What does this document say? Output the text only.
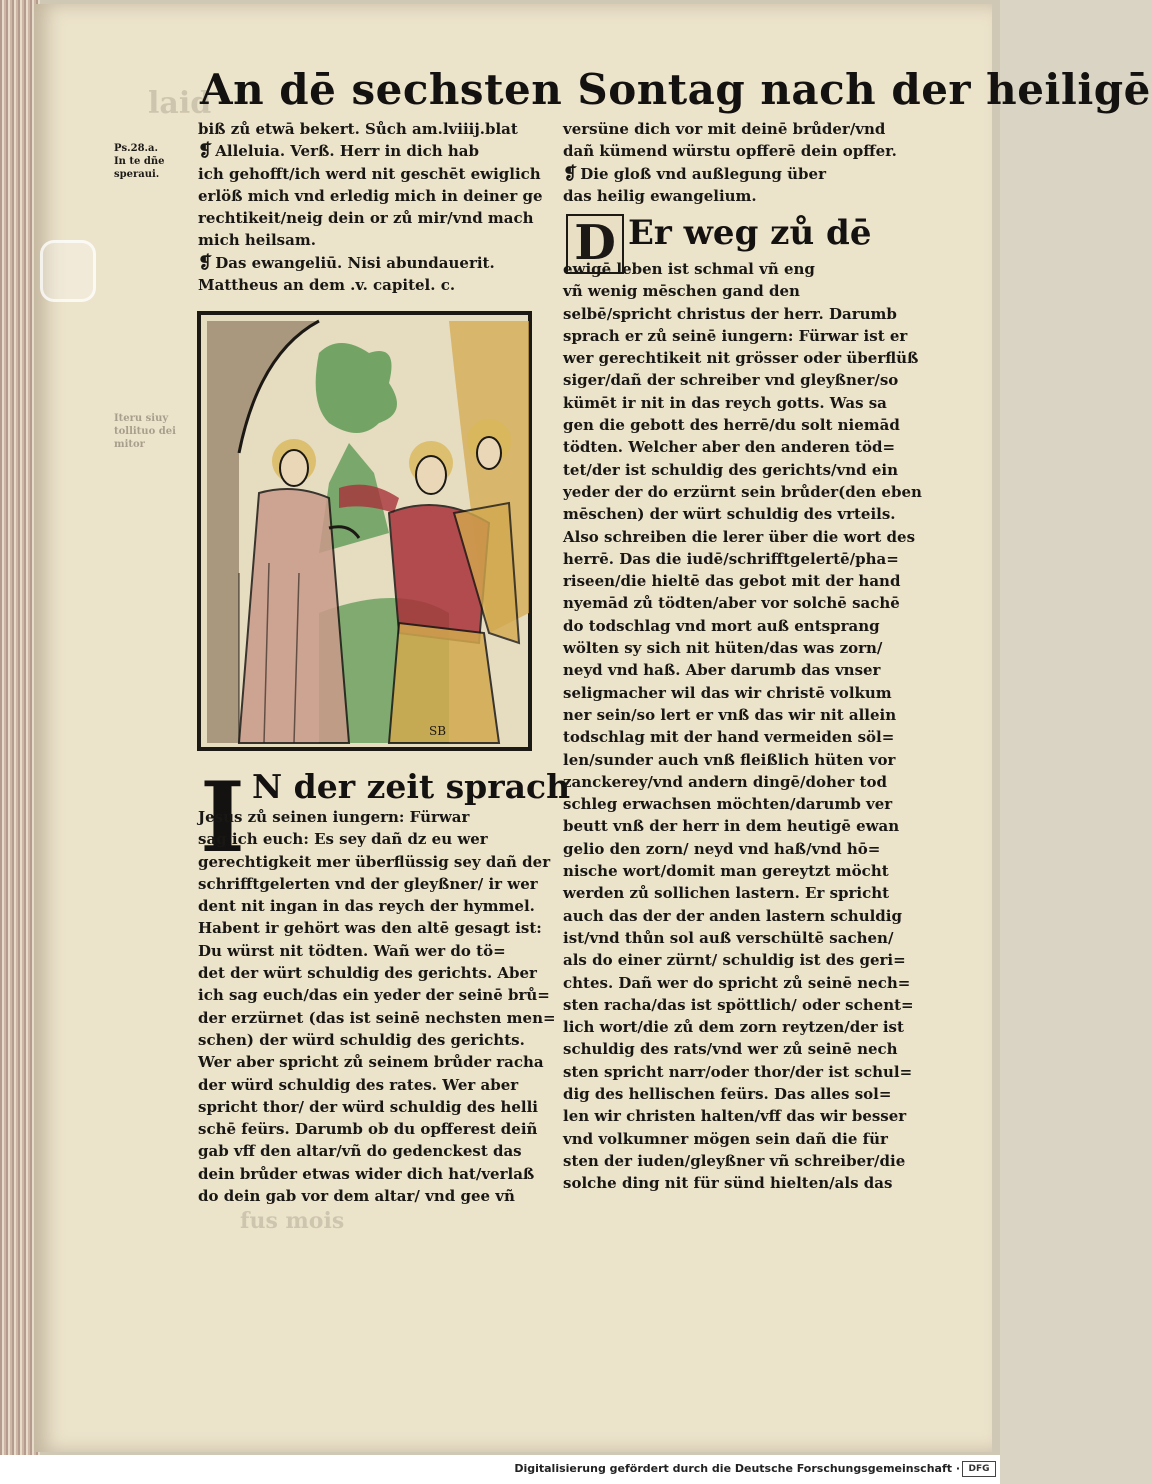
laid
fus mois
An dē sechsten Sontag nach der heiligē
Ps.28.a.
In te dñe
speraui.
Iteru siuy
tollituo dei
mitor
biß zů etwā bekert. Sůch am.lviiij.blat
❡ Alleluia. Verß. Herr in dich hab
ich gehofft/ich werd nit geschēt ewiglich
erlöß mich vnd erledig mich in deiner ge
rechtikeit/neig dein or zů mir/vnd mach
mich heilsam.
❡ Das ewangeliū. Nisi abundauerit.
Mattheus an dem .v. capitel. c.
SB
I N der zeit sprach
Jesus zů seinen iungern: Fürwar
sag ich euch: Es sey dañ dz eu wer
gerechtigkeit mer überflüssig sey dañ der
schrifftgelerten vnd der gleyßner/ ir wer
dent nit ingan in das reych der hymmel.
Habent ir gehört was den altē gesagt ist:
Du würst nit tödten. Wañ wer do tö=
det der würt schuldig des gerichts. Aber
ich sag euch/das ein yeder der seinē brů=
der erzürnet (das ist seinē nechsten men=
schen) der würd schuldig des gerichts.
Wer aber spricht zů seinem brůder racha
der würd schuldig des rates. Wer aber
spricht thor/ der würd schuldig des helli
schē feürs. Darumb ob du opfferest deiñ
gab vff den altar/vñ do gedenckest das
dein brůder etwas wider dich hat/verlaß
do dein gab vor dem altar/ vnd gee vñ
versüne dich vor mit deinē brůder/vnd
dañ kümend würstu opfferē dein opffer.
❡ Die gloß vnd außlegung über
das heilig ewangelium.
D Er weg zů dē
ewigē leben ist schmal vñ eng
vñ wenig mēschen gand den
selbē/spricht christus der herr. Darumb
sprach er zů seinē iungern: Fürwar ist er
wer gerechtikeit nit grösser oder überflüß
siger/dañ der schreiber vnd gleyßner/so
kümēt ir nit in das reych gotts. Was sa
gen die gebott des herrē/du solt niemād
tödten. Welcher aber den anderen töd=
tet/der ist schuldig des gerichts/vnd ein
yeder der do erzürnt sein brůder(den eben
mēschen) der würt schuldig des vrteils.
Also schreiben die lerer über die wort des
herrē. Das die iudē/schrifftgelertē/pha=
riseen/die hieltē das gebot mit der hand
nyemād zů tödten/aber vor solchē sachē
do todschlag vnd mort auß entsprang
wölten sy sich nit hüten/das was zorn/
neyd vnd haß. Aber darumb das vnser
seligmacher wil das wir christē volkum
ner sein/so lert er vnß das wir nit allein
todschlag mit der hand vermeiden söl=
len/sunder auch vnß fleißlich hüten vor
zanckerey/vnd andern dingē/doher tod
schleg erwachsen möchten/darumb ver
beutt vnß der herr in dem heutigē ewan
gelio den zorn/ neyd vnd haß/vnd hō=
nische wort/domit man gereytzt möcht
werden zů sollichen lastern. Er spricht
auch das der der anden lastern schuldig
ist/vnd thůn sol auß verschültē sachen/
als do einer zürnt/ schuldig ist des geri=
chtes. Dañ wer do spricht zů seinē nech=
sten racha/das ist spöttlich/ oder schent=
lich wort/die zů dem zorn reytzen/der ist
schuldig des rats/vnd wer zů seinē nech
sten spricht narr/oder thor/der ist schul=
dig des hellischen feürs. Das alles sol=
len wir christen halten/vff das wir besser
vnd volkumner mögen sein dañ die für
sten der iuden/gleyßner vñ schreiber/die
solche ding nit für sünd hielten/als das
Digitalisierung gefördert durch die Deutsche Forschungsgemeinschaft · DFG
